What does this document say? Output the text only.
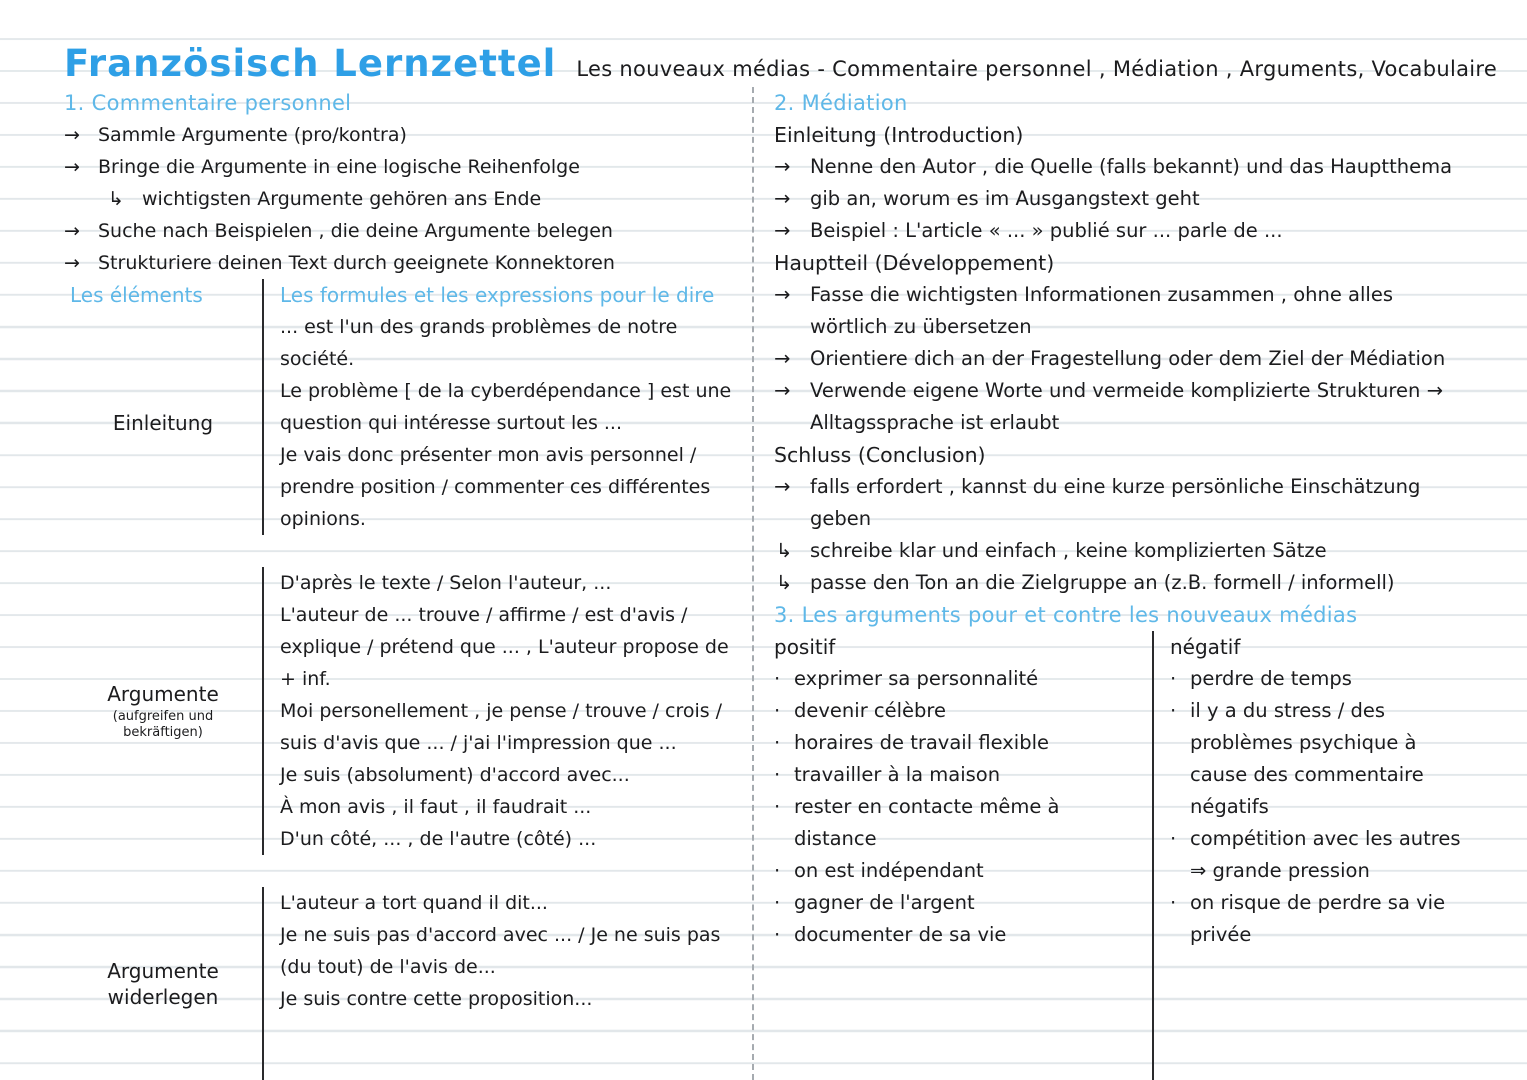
Französisch Lernzettel Les nouveaux médias - Commentaire personnel , Médiation , Arguments, Vocabulaire
1. Commentaire personnel
→ Sammle Argumente (pro/kontra)
→ Bringe die Argumente in eine logische Reihenfolge
↳ wichtigsten Argumente gehören ans Ende
→ Suche nach Beispielen , die deine Argumente belegen
→ Strukturiere deinen Text durch geeignete Konnektoren
Les éléments	Les formules et les expressions pour le dire
Einleitung
... est l'un des grands problèmes de notre société.
Le problème [ de la cyberdépendance ] est une question qui intéresse surtout les ...
Je vais donc présenter mon avis personnel / prendre position / commenter ces différentes opinions.
Argumente
(aufgreifen und bekräftigen)
D'après le texte / Selon l'auteur, ...
L'auteur de ... trouve / affirme / est d'avis / explique / prétend que ... , L'auteur propose de + inf.
Moi personellement , je pense / trouve / crois / suis d'avis que ... / j'ai l'impression que ...
Je suis (absolument) d'accord avec...
À mon avis , il faut , il faudrait ...
D'un côté, ... , de l'autre (côté) ...
Argumente widerlegen
L'auteur a tort quand il dit...
Je ne suis pas d'accord avec ... / Je ne suis pas (du tout) de l'avis de...
Je suis contre cette proposition...
2. Médiation
Einleitung (Introduction)
→	Nenne den Autor , die Quelle (falls bekannt) und das Hauptthema
→	gib an, worum es im Ausgangstext geht
→	Beispiel : L'article « ... » publié sur ... parle de ...
Hauptteil (Développement)
→	Fasse die wichtigsten Informationen zusammen , ohne alles wörtlich zu übersetzen
→	Orientiere dich an der Fragestellung oder dem Ziel der Médiation
→	Verwende eigene Worte und vermeide komplizierte Strukturen → Alltagssprache ist erlaubt
Schluss (Conclusion)
→	falls erfordert , kannst du eine kurze persönliche Einschätzung geben
↳ schreibe klar und einfach , keine komplizierten Sätze
↳ passe den Ton an die Zielgruppe an (z.B. formell / informell)
3. Les arguments pour et contre les nouveaux médias
positif
· exprimer sa personnalité
· devenir célèbre
· horaires de travail flexible
· travailler à la maison
· rester en contacte même à distance
· on est indépendant
· gagner de l'argent
· documenter de sa vie
négatif
· perdre de temps
· il y a du stress / des problèmes psychique à cause des commentaire négatifs
· compétition avec les autres ⇒ grande pression
· on risque de perdre sa vie privée
